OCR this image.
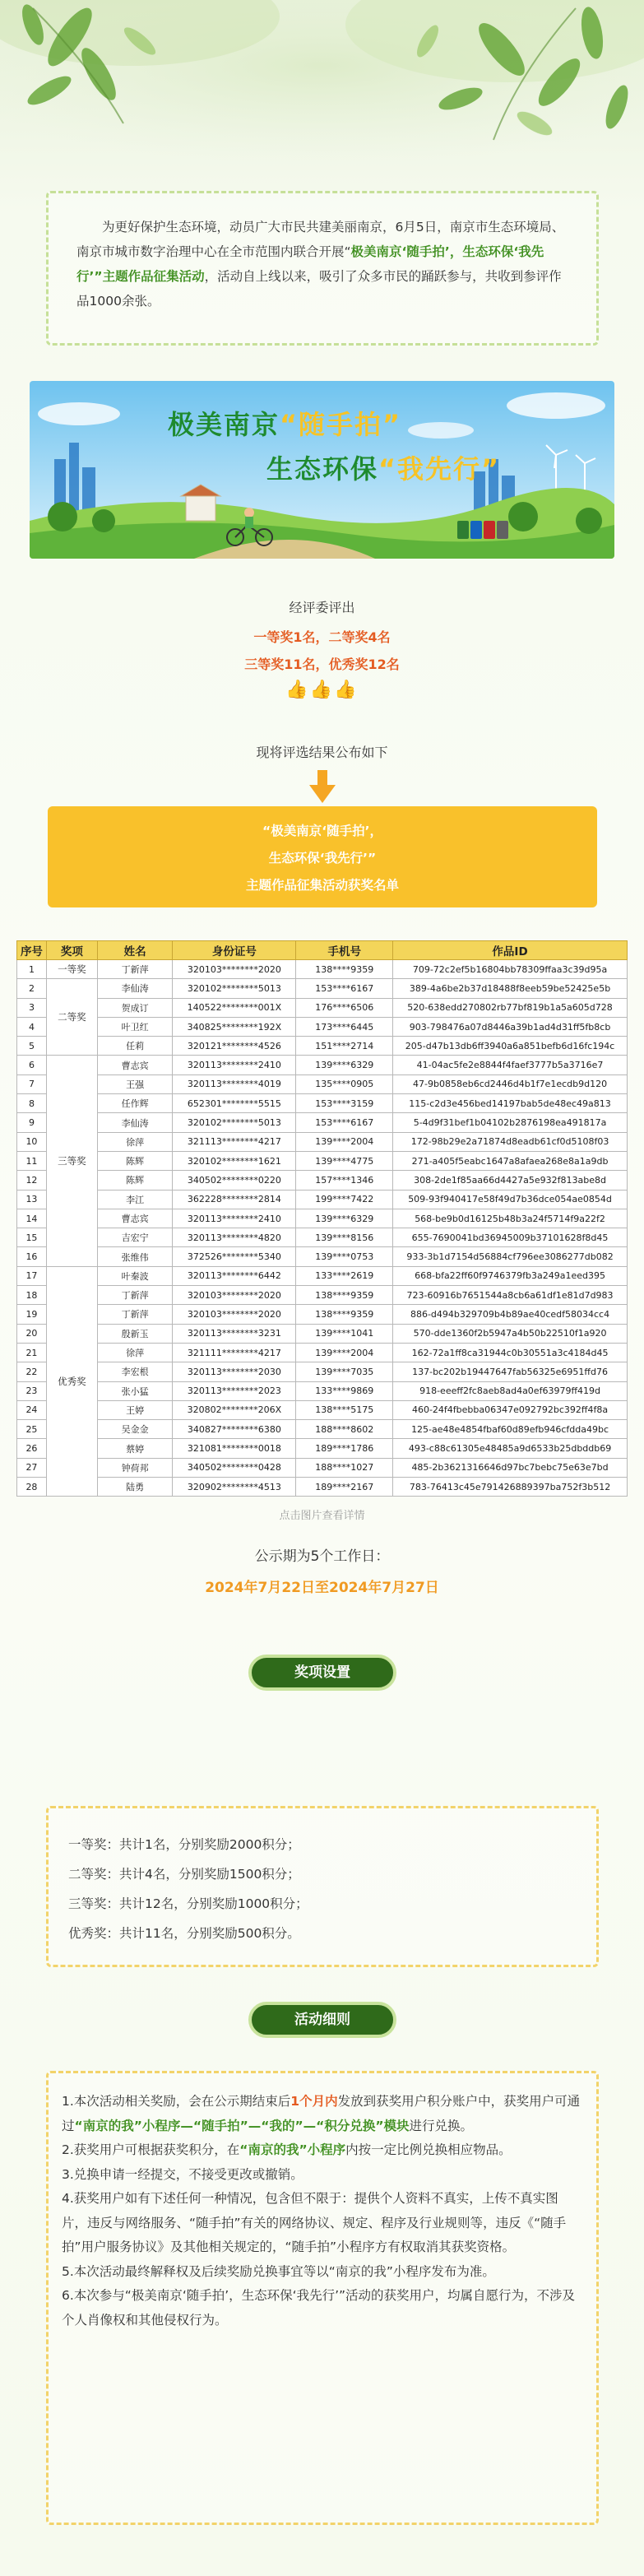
为更好保护生态环境，动员广大市民共建美丽南京，6月5日，南京市生态环境局、南京市城市数字治理中心在全市范围内联合开展“极美南京‘随手拍’，生态环保‘我先行’”主题作品征集活动，活动自上线以来，吸引了众多市民的踊跃参与，共收到参评作品1000余张。

极美南京“随手拍”
生态环保“我先行”
经评委评出
一等奖1名，二等奖4名
三等奖11名，优秀奖12名
👍👍👍
现将评选结果公布如下
“极美南京‘随手拍’，
生态环保‘我先行’”
主题作品征集活动获奖名单
序号	奖项	姓名	身份证号	手机号	作品ID
1	一等奖	丁新萍	320103********2020	138****9359	709-72c2ef5b16804bb78309ffaa3c39d95a
2	二等奖	李仙涛	320102********5013	153****6167	389-4a6be2b37d18488f8eeb59be52425e5b
3		贺成订	140522********001X	176****6506	520-638edd270802rb77bf819b1a5a605d728
4		叶卫红	340825********192X	173****6445	903-798476a07d8446a39b1ad4d31ff5fb8cb
5		任莉	320121********4526	151****2714	205-d47b13db6ff3940a6a851befb6d16fc194c
6	三等奖	曹志宾	320113********2410	139****6329	41-04ac5fe2e8844f4faef3777b5a3716e7
7		王强	320113********4019	135****0905	47-9b0858eb6cd2446d4b1f7e1ecdb9d120
8		任作辉	652301********5515	153****3159	115-c2d3e456bed14197bab5de48ec49a813
9		李仙涛	320102********5013	153****6167	5-4d9f31bef1b04102b2876198ea491817a
10		徐萍	321113********4217	139****2004	172-98b29e2a71874d8eadb61cf0d5108f03
11		陈辉	320102********1621	139****4775	271-a405f5eabc1647a8afaea268e8a1a9db
12		陈辉	340502********0220	157****1346	308-2de1f85aa66d4427a5e932f813abe8d
13		李江	362228********2814	199****7422	509-93f940417e58f49d7b36dce054ae0854d
14		曹志宾	320113********2410	139****6329	568-be9b0d16125b48b3a24f5714f9a22f2
15		吉宏宁	320113********4820	139****8156	655-7690041bd36945009b37101628f8d45
16		张维伟	372526********5340	139****0753	933-3b1d7154d56884cf796ee3086277db082
17	优秀奖	叶秦波	320113********6442	133****2619	668-bfa22ff60f9746379fb3a249a1eed395
18		丁新萍	320103********2020	138****9359	723-60916b7651544a8cb6a61df1e81d7d983
19		丁新萍	320103********2020	138****9359	886-d494b329709b4b89ae40cedf58034cc4
20		殷新玉	320113********3231	139****1041	570-dde1360f2b5947a4b50b22510f1a920
21		徐萍	321111********4217	139****2004	162-72a1ff8ca31944c0b30551a3c4184d45
22		李宏根	320113********2030	139****7035	137-bc202b19447647fab56325e6951ffd76
23		张小猛	320113********2023	133****9869	918-eeeff2fc8aeb8ad4a0ef63979ff419d
24		王婷	320802********206X	138****5175	460-24f4fbebba06347e092792bc392ff4f8a
25		吴金金	340827********6380	188****8602	125-ae48e4854fbaf60d89efb946cfdda49bc
26		蔡婷	321081********0018	189****1786	493-c88c61305e48485a9d6533b25dbddb69
27		钟荷邦	340502********0428	188****1027	485-2b3621316646d97bc7bebc75e63e7bd
28		陆勇	320902********4513	189****2167	783-76413c45e791426889397ba752f3b512
点击图片查看详情
公示期为5个工作日：
2024年7月22日至2024年7月27日
奖项设置

一等奖：共计1名，分别奖励2000积分；

二等奖：共计4名，分别奖励1500积分；

三等奖：共计12名，分别奖励1000积分；

优秀奖：共计11名，分别奖励500积分。

活动细则

1.本次活动相关奖励，会在公示期结束后1个月内发放到获奖用户积分账户中，获奖用户可通过“南京的我”小程序—“随手拍”—“我的”—“积分兑换”模块进行兑换。

2.获奖用户可根据获奖积分，在“南京的我”小程序内按一定比例兑换相应物品。

3.兑换申请一经提交，不接受更改或撤销。

4.获奖用户如有下述任何一种情况，包含但不限于：提供个人资料不真实，上传不真实图片，违反与网络服务、“随手拍”有关的网络协议、规定、程序及行业规则等，违反《“随手拍”用户服务协议》及其他相关规定的，“随手拍”小程序方有权取消其获奖资格。

5.本次活动最终解释权及后续奖励兑换事宜等以“南京的我”小程序发布为准。

6.本次参与“极美南京‘随手拍’，生态环保‘我先行’”活动的获奖用户，均属自愿行为，不涉及个人肖像权和其他侵权行为。
